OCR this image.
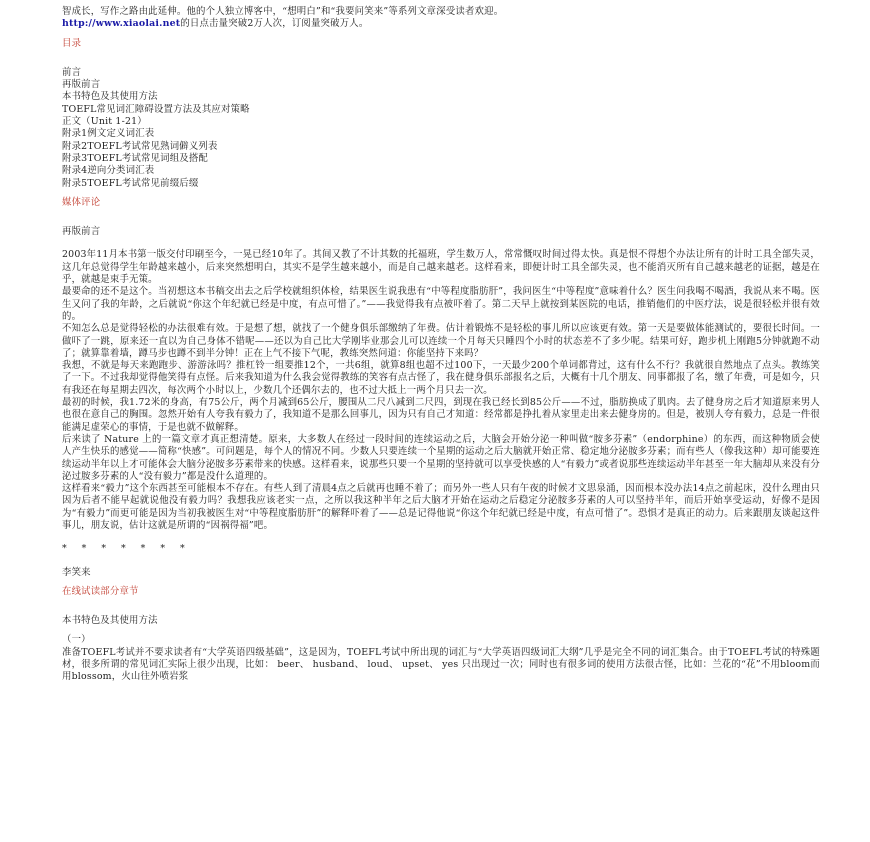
智成长，写作之路由此延伸。他的个人独立博客中，“想明白”和“我要问笑来”等系列文章深受读者欢迎。
http://www.xiaolai.net的日点击量突破2万人次，订阅量突破万人。
目录
前言
再版前言
本书特色及其使用方法
TOEFL常见词汇障碍设置方法及其应对策略
正文（Unit 1-21）
附录1例文定义词汇表
附录2TOEFL考试常见熟词僻义列表
附录3TOEFL考试常见词组及搭配
附录4逆向分类词汇表
附录5TOEFL考试常见前缀后缀
媒体评论
再版前言

2003年11月本书第一版交付印刷至今，一晃已经10年了。其间又教了不计其数的托福班，学生数万人，常常慨叹时间过得太快。真是恨不得想个办法让所有的计时工具全部失灵，这几年总觉得学生年龄越来越小，后来突然想明白，其实不是学生越来越小，而是自己越来越老。这样看来，即便计时工具全部失灵，也不能消灭所有自己越来越老的证据，越是在乎，就越是束手无策。

最要命的还不是这个。当初想这本书稿交出去之后学校就组织体检，结果医生说我患有“中等程度脂肪肝”，我问医生“中等程度”意味着什么？医生问我喝不喝酒，我说从来不喝。医生又问了我的年龄，之后就说“你这个年纪就已经是中度，有点可惜了。”——我觉得我有点被吓着了。第二天早上就按到某医院的电话，推销他们的中医疗法，说是很轻松并很有效的。

不知怎么总是觉得轻松的办法很难有效。于是想了想，就找了一个健身俱乐部缴纳了年费。估计着锻炼不是轻松的事儿所以应该更有效。第一天是要做体能测试的，要很长时间。一做吓了一跳，原来还一直以为自己身体不错呢——还以为自己比大学刚毕业那会儿可以连续一个月每天只睡四个小时的状态差不了多少呢。结果可好，跑步机上刚跑5分钟就跑不动了；就算靠着墙，蹲马步也蹲不到半分钟！正在上气不接下气呢，教练突然问道：你能坚持下来吗？

我想，不就是每天来跑跑步、游游泳吗？推杠铃一组要推12个，一共6组，就算8组也超不过100下，一天最少200个单词都背过，这有什么不行？我就很自然地点了点头。教练笑了一下。不过我却觉得他笑得有点怪。后来我知道为什么我会觉得教练的笑容有点古怪了，我在健身俱乐部报名之后，大概有十几个朋友、同事都报了名，缴了年费，可是如今，只有我还在每星期去四次，每次两个小时以上，少数几个还偶尔去的，也不过大抵上一两个月只去一次。

最初的时候，我1.72米的身高，有75公斤，两个月减到65公斤，腰围从二尺八减到二尺四，到现在我已经长到85公斤——不过，脂肪换成了肌肉。去了健身房之后才知道原来男人也很在意自己的胸围。忽然开始有人夸我有毅力了，我知道不是那么回事儿，因为只有自己才知道：经常都是挣扎着从家里走出来去健身房的。但是，被别人夸有毅力，总是一件很能满足虚荣心的事情，于是也就不做解释。

后来读了 Nature 上的一篇文章才真正想清楚。原来，大多数人在经过一段时间的连续运动之后，大脑会开始分泌一种叫做“胺多芬素”（endorphine）的东西，而这种物质会使人产生快乐的感觉——简称“快感”。可问题是，每个人的情况不同。少数人只要连续一个星期的运动之后大脑就开始正常、稳定地分泌胺多芬素；而有些人（像我这种）却可能要连续运动半年以上才可能体会大脑分泌胺多芬素带来的快感。这样看来，说那些只要一个星期的坚持就可以享受快感的人“有毅力”或者说那些连续运动半年甚至一年大脑却从来没有分泌过胺多芬素的人“没有毅力”都是没什么道理的。

这样看来“毅力”这个东西甚至可能根本不存在。有些人到了清晨4点之后就再也睡不着了；而另外一些人只有午夜的时候才文思泉涌，因而根本没办法14点之前起床，没什么理由只因为后者不能早起就说他没有毅力吗？我想我应该老实一点，之所以我这种半年之后大脑才开始在运动之后稳定分泌胺多芬素的人可以坚持半年，而后开始享受运动，好像不是因为“有毅力”而更可能是因为当初我被医生对“中等程度脂肪肝”的解释吓着了——总是记得他说“你这个年纪就已经是中度，有点可惜了”。恐惧才是真正的动力。后来跟朋友谈起这件事儿，朋友说，估计这就是所谓的“因祸得福”吧。

* * * * * * *
李笑来
在线试读部分章节
本书特色及其使用方法
（一）

准备TOEFL考试并不要求读者有“大学英语四级基础”，这是因为，TOEFL考试中所出现的词汇与“大学英语四级词汇大纲”几乎是完全不同的词汇集合。由于TOEFL考试的特殊题材，很多所谓的常见词汇实际上很少出现，比如： beer、 husband、 loud、 upset、 yes 只出现过一次；同时也有很多词的使用方法很古怪，比如：兰花的“花”不用bloom而用blossom，火山往外喷岩浆
